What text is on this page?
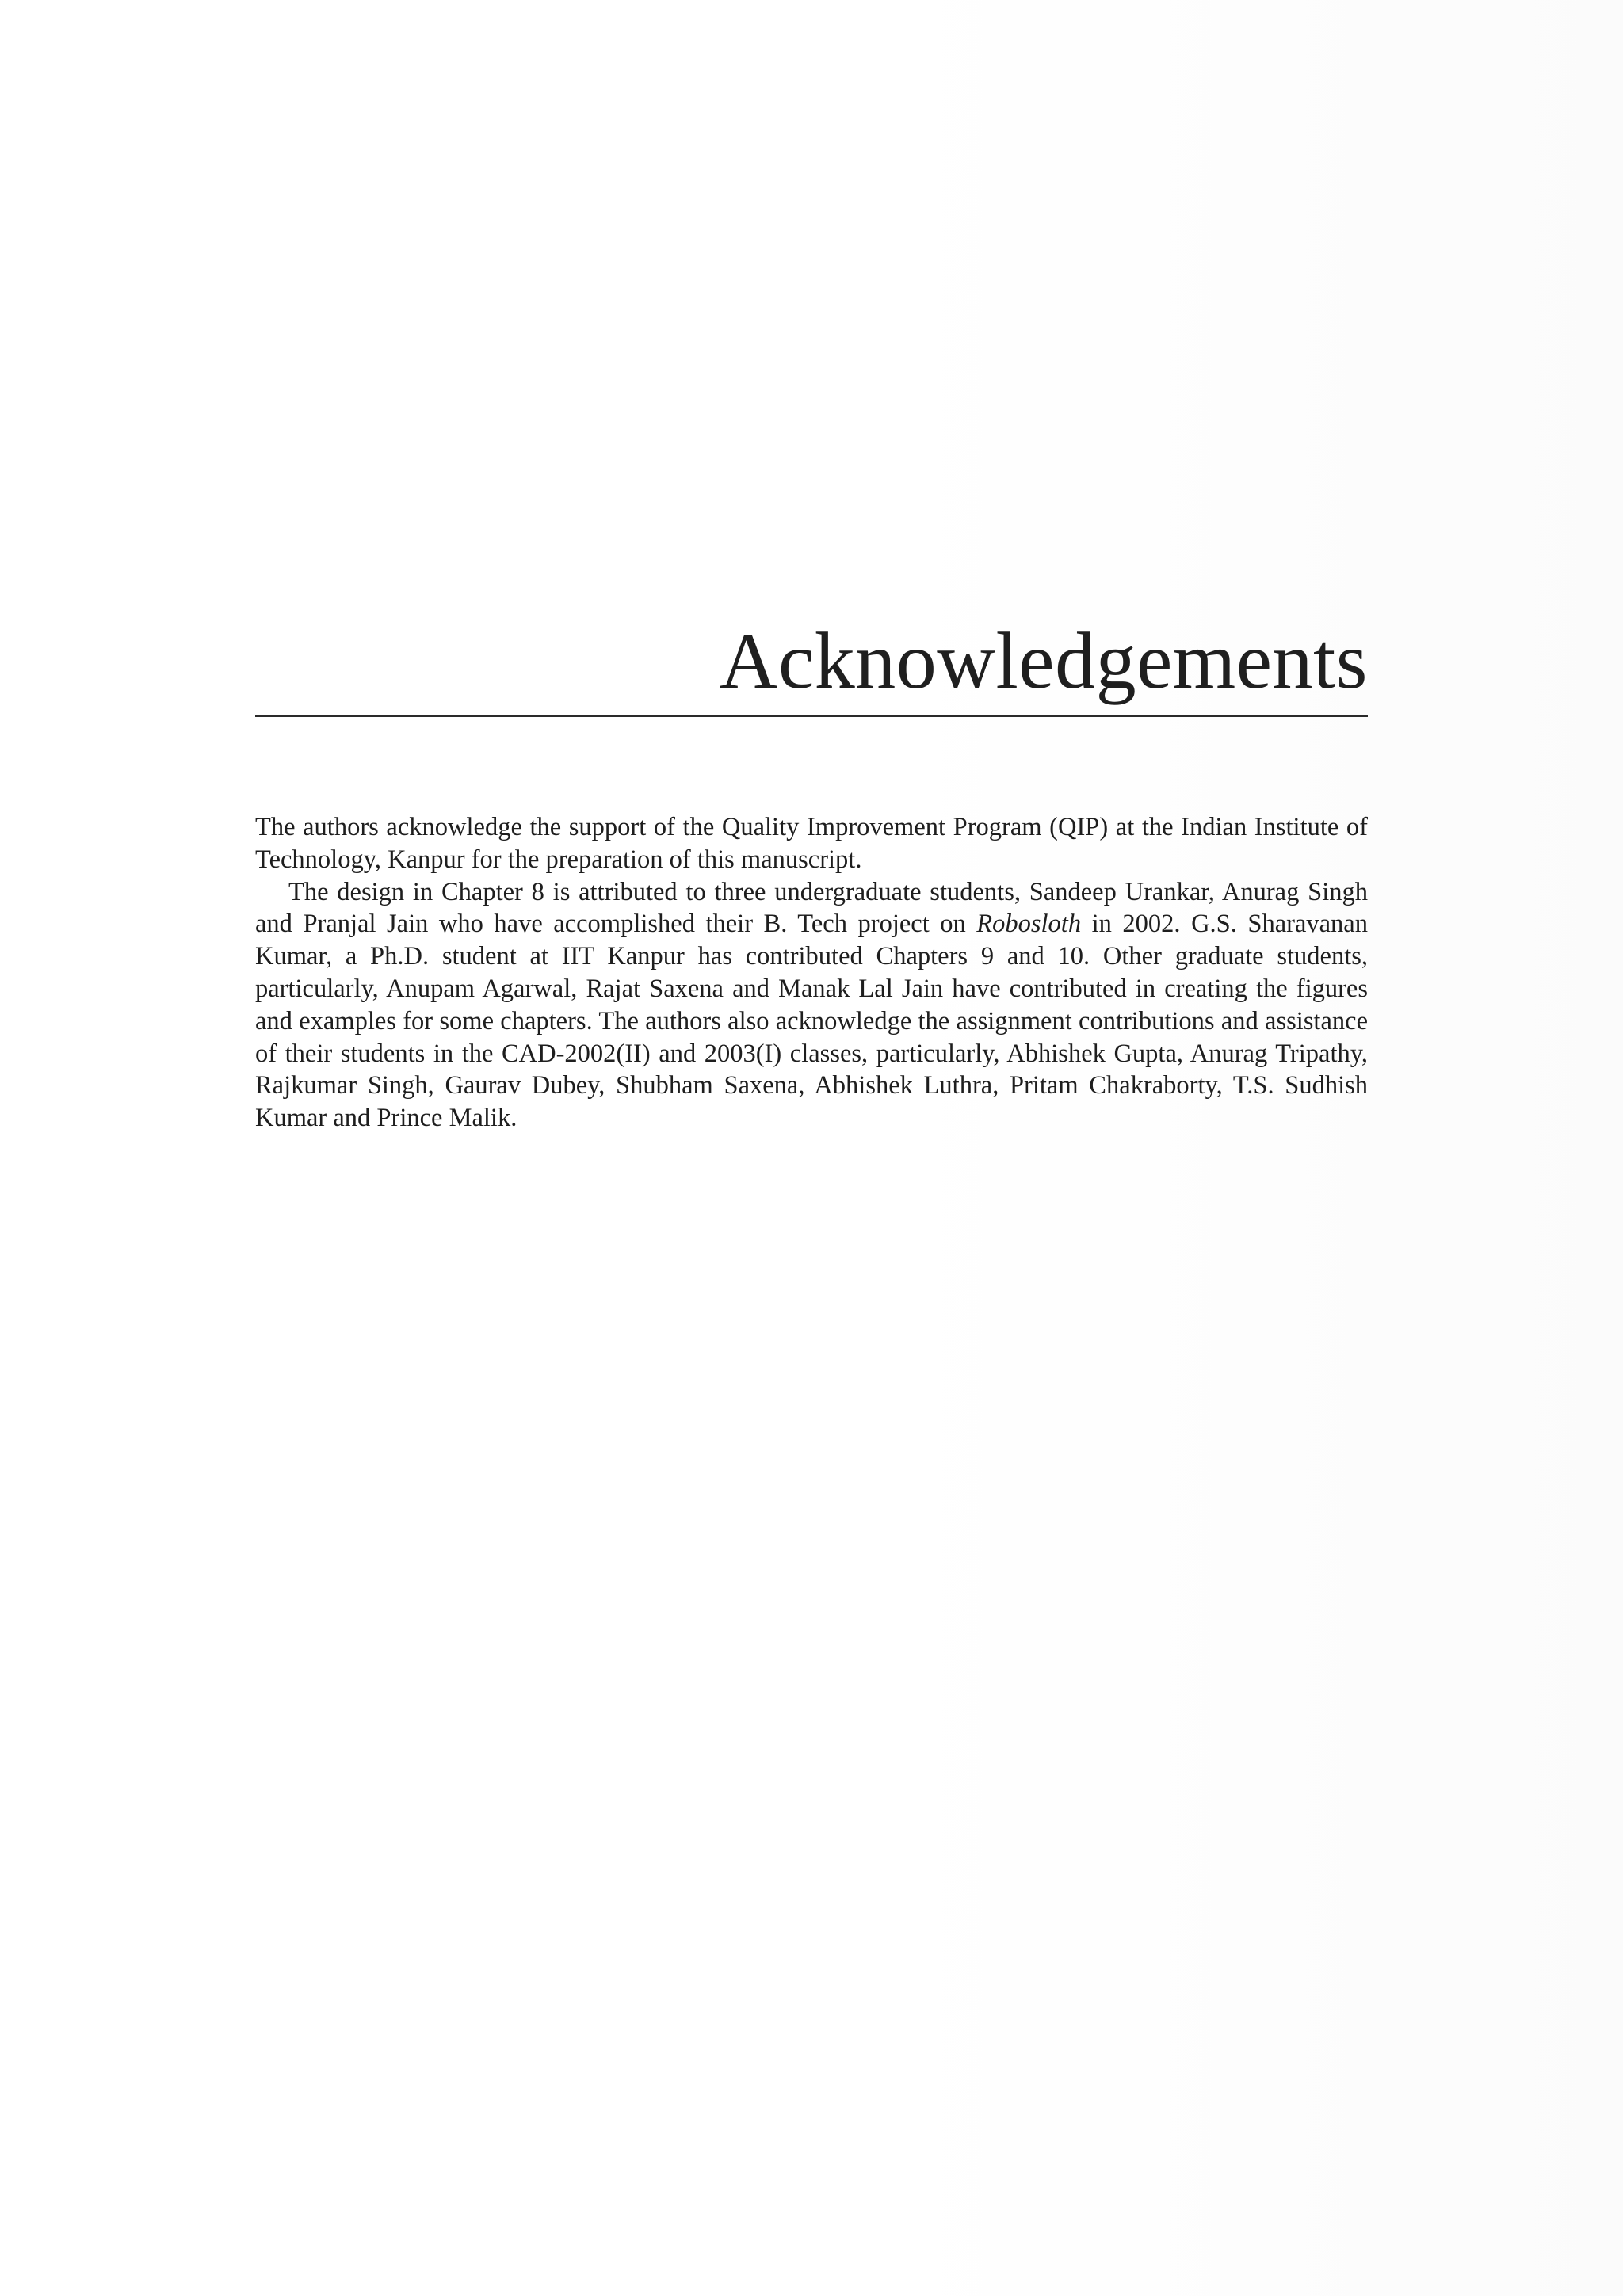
Acknowledgements

The authors acknowledge the support of the Quality Improvement Program (QIP) at the Indian Institute of Technology, Kanpur for the preparation of this manuscript.

The design in Chapter 8 is attributed to three undergraduate students, Sandeep Urankar, Anurag Singh and Pranjal Jain who have accomplished their B. Tech project on Robosloth in 2002. G.S. Sharavanan Kumar, a Ph.D. student at IIT Kanpur has contributed Chapters 9 and 10. Other graduate students, particularly, Anupam Agarwal, Rajat Saxena and Manak Lal Jain have contributed in creating the figures and examples for some chapters. The authors also acknowledge the assignment contributions and assistance of their students in the CAD-2002(II) and 2003(I) classes, particularly, Abhishek Gupta, Anurag Tripathy, Rajkumar Singh, Gaurav Dubey, Shubham Saxena, Abhishek Luthra, Pritam Chakraborty, T.S. Sudhish Kumar and Prince Malik.
